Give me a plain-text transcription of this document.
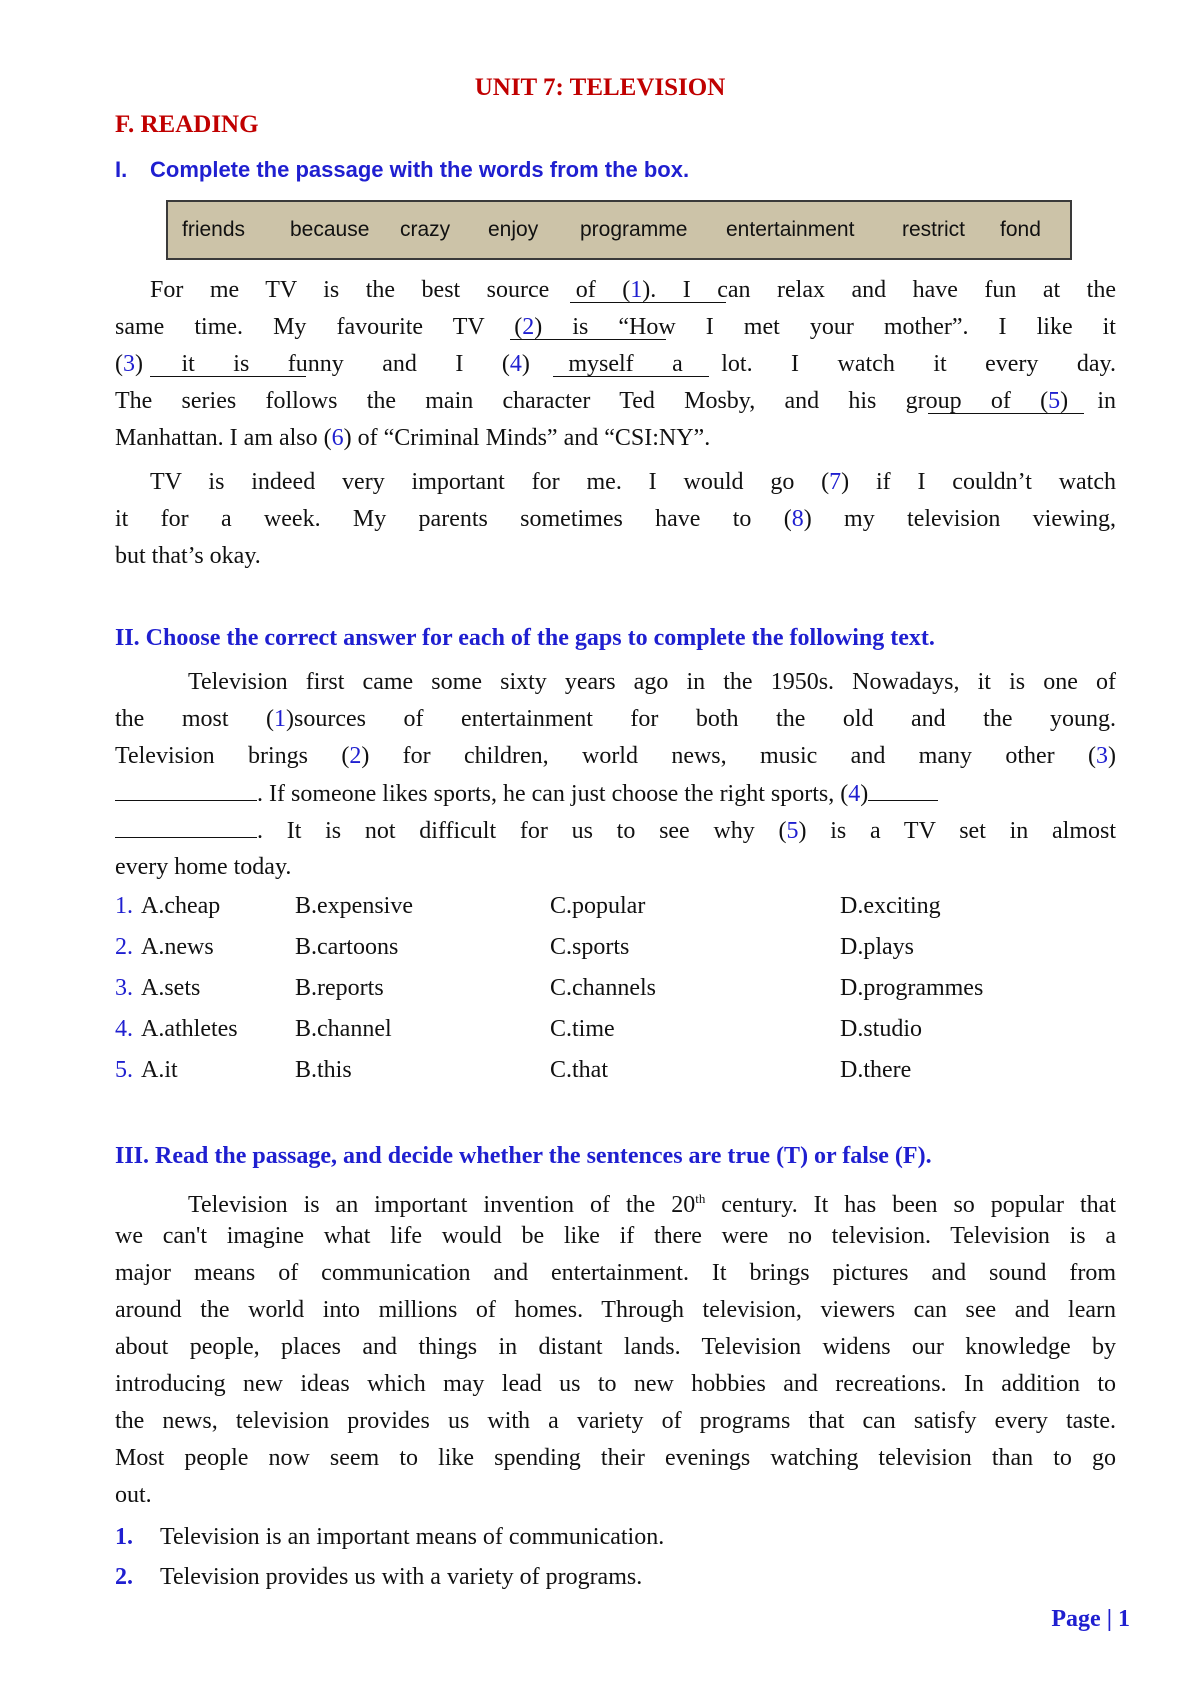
UNIT 7: TELEVISION
F. READING
I. Complete the passage with the words from the box.
friends because crazy enjoy programme entertainment restrict fond
For me TV is the best source of (1). I can relax and have fun at the
same time. My favourite TV (2) is “How I met your mother”. I like it
(3) it is funny and I (4) myself a lot. I watch it every day.
The series follows the main character Ted Mosby, and his group of (5) in
Manhattan. I am also (6) of “Criminal Minds” and “CSI:NY”.
TV is indeed very important for me. I would go (7) if I couldn’t watch
it for a week. My parents sometimes have to (8) my television viewing,
but that’s okay.
II. Choose the correct answer for each of the gaps to complete the following text.
Television first came some sixty years ago in the 1950s. Nowadays, it is one of
the most (1)sources of entertainment for both the old and the young.
Television brings (2) for children, world news, music and many other (3)
. If someone likes sports, he can just choose the right sports, (4)
. It is not difficult for us to see why (5) is a TV set in almost
every home today.
1. A.cheap	B.expensive	C.popular	D.exciting
2. A.news	B.cartoons	C.sports	D.plays
3. A.sets	B.reports	C.channels	D.programmes
4. A.athletes B.channel	C.time	D.studio
5. A.it	B.this	C.that	D.there
III. Read the passage, and decide whether the sentences are true (T) or false (F).
Television is an important invention of the 20th century. It has been so popular that
we can't imagine what life would be like if there were no television. Television is a
major means of communication and entertainment. It brings pictures and sound from
around the world into millions of homes. Through television, viewers can see and learn
about people, places and things in distant lands. Television widens our knowledge by
introducing new ideas which may lead us to new hobbies and recreations. In addition to
the news, television provides us with a variety of programs that can satisfy every taste.
Most people now seem to like spending their evenings watching television than to go
out.
1. Television is an important means of communication.
2. Television provides us with a variety of programs.
Page | 1
